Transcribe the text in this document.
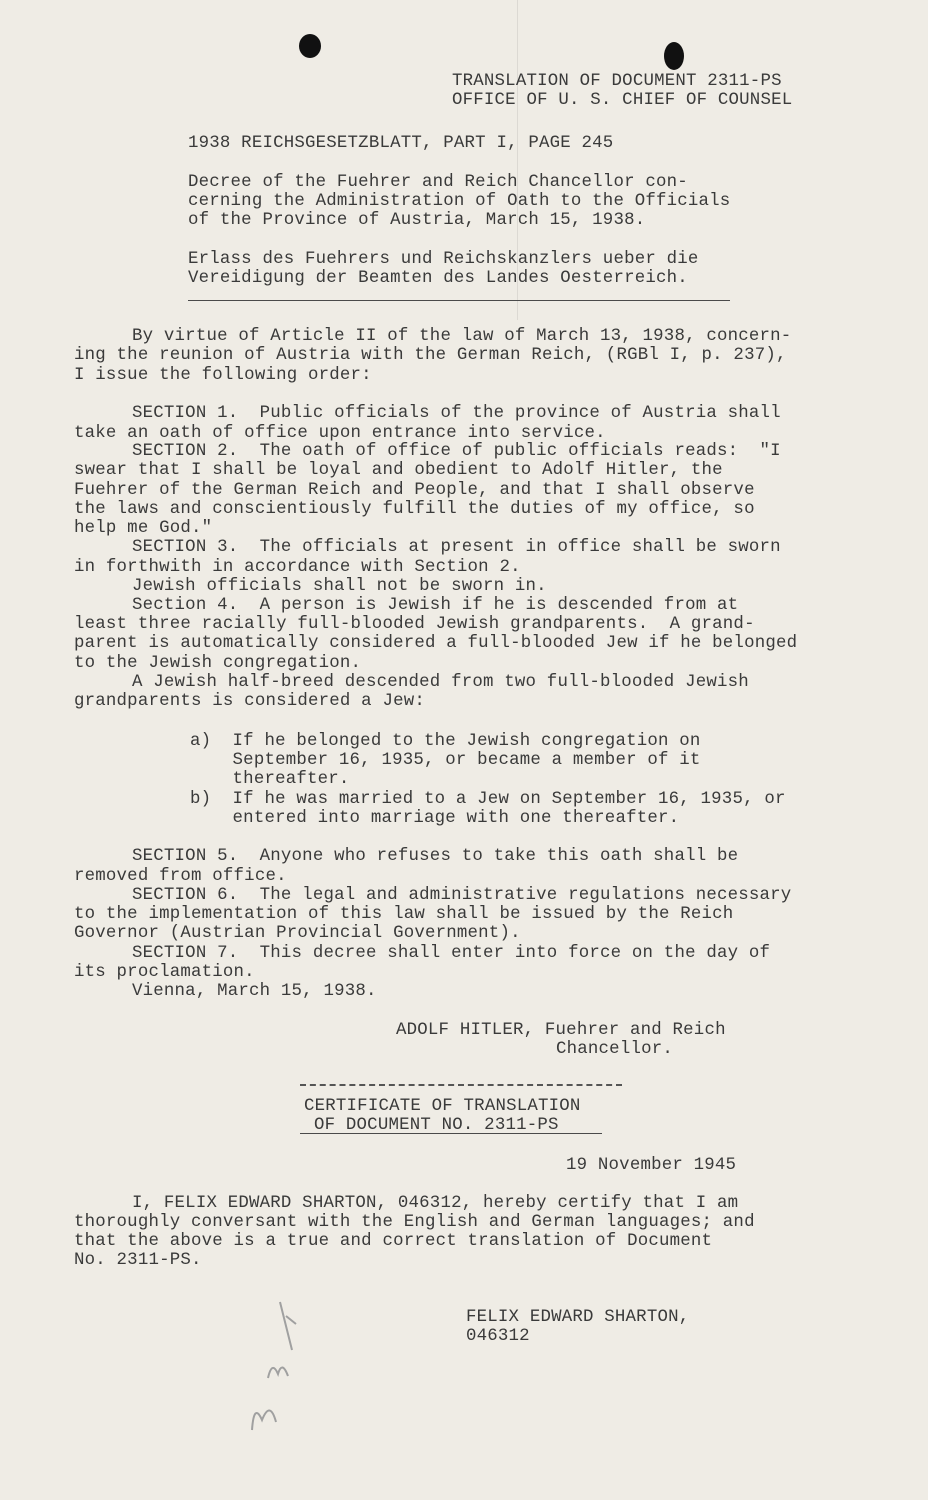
TRANSLATION OF DOCUMENT 2311-PS
OFFICE OF U. S. CHIEF OF COUNSEL
1938 REICHSGESETZBLATT, PART I, PAGE 245
Decree of the Fuehrer and Reich Chancellor con-
cerning the Administration of Oath to the Officials
of the Province of Austria, March 15, 1938.
Erlass des Fuehrers und Reichskanzlers ueber die
Vereidigung der Beamten des Landes Oesterreich.
By virtue of Article II of the law of March 13, 1938, concern-
ing the reunion of Austria with the German Reich, (RGBl I, p. 237),
I issue the following order:
SECTION 1.  Public officials of the province of Austria shall
take an oath of office upon entrance into service.
SECTION 2.  The oath of office of public officials reads:  "I
swear that I shall be loyal and obedient to Adolf Hitler, the
Fuehrer of the German Reich and People, and that I shall observe
the laws and conscientiously fulfill the duties of my office, so
help me God."
SECTION 3.  The officials at present in office shall be sworn
in forthwith in accordance with Section 2.
Jewish officials shall not be sworn in.
Section 4.  A person is Jewish if he is descended from at
least three racially full-blooded Jewish grandparents.  A grand-
parent is automatically considered a full-blooded Jew if he belonged
to the Jewish congregation.
A Jewish half-breed descended from two full-blooded Jewish
grandparents is considered a Jew:
a)  If he belonged to the Jewish congregation on
September 16, 1935, or became a member of it
thereafter.
b)  If he was married to a Jew on September 16, 1935, or
entered into marriage with one thereafter.
SECTION 5.  Anyone who refuses to take this oath shall be
removed from office.
SECTION 6.  The legal and administrative regulations necessary
to the implementation of this law shall be issued by the Reich
Governor (Austrian Provincial Government).
SECTION 7.  This decree shall enter into force on the day of
its proclamation.
Vienna, March 15, 1938.
ADOLF HITLER, Fuehrer and Reich
Chancellor.
CERTIFICATE OF TRANSLATION
OF DOCUMENT NO. 2311-PS
19 November 1945
I, FELIX EDWARD SHARTON, 046312, hereby certify that I am
thoroughly conversant with the English and German languages; and
that the above is a true and correct translation of Document
No. 2311-PS.
FELIX EDWARD SHARTON,
046312
